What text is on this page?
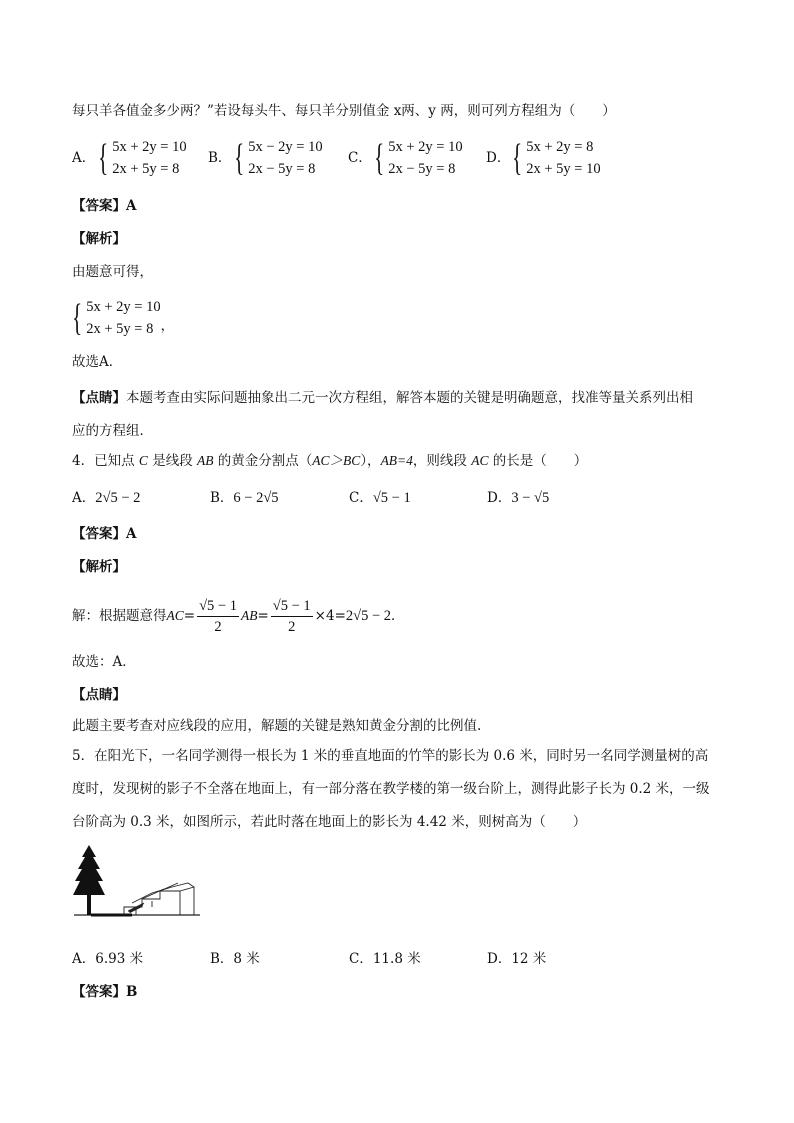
每只羊各值金多少两？”若设每头牛、每只羊分别值金 x两、y 两，则可列方程组为（　　）
A． { 5x + 2y = 10
2x + 5y = 8
B． { 5x − 2y = 10
2x − 5y = 8
C． { 5x + 2y = 10
2x − 5y = 8
D． { 5x + 2y = 8
2x + 5y = 10
【答案】A
【解析】
由题意可得，
{ 5x + 2y = 10
2x + 5y = 8 ，
故选A．
【点睛】本题考查由实际问题抽象出二元一次方程组，解答本题的关键是明确题意，找准等量关系列出相
应的方程组．
4．已知点 C 是线段 AB 的黄金分割点（AC＞BC），AB=4，则线段 AC 的长是（　　）
A．2√5 − 2	B．6 − 2√5	C．√5 − 1	D．3 − √5
【答案】A
【解析】
解：根据题意得 AC = $\frac{√5 - 1}{2}$ AB = $\frac{√5 - 1}{2} \times 4= 2√5 - 2$ ．
故选：A．
【点睛】
此题主要考查对应线段的应用，解题的关键是熟知黄金分割的比例值.
5．在阳光下，一名同学测得一根长为 1 米的垂直地面的竹竿的影长为 0.6 米，同时另一名同学测量树的高
度时，发现树的影子不全落在地面上，有一部分落在教学楼的第一级台阶上，测得此影子长为 0.2 米，一级
台阶高为 0.3 米，如图所示，若此时落在地面上的影长为 4.42 米，则树高为（　　）
A．6.93 米	B．8 米	C．11.8 米	D．12 米
【答案】B
